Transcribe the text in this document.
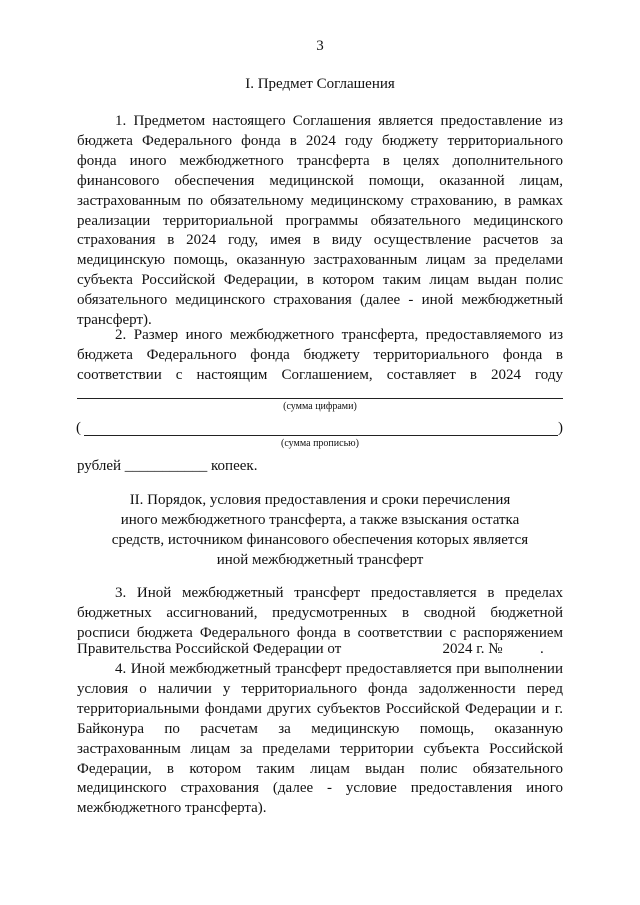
3
I. Предмет Соглашения
1. Предметом настоящего Соглашения является предоставление из бюджета Федерального фонда в 2024 году бюджету территориального фонда иного межбюджетного трансферта в целях дополнительного финансового обеспечения медицинской помощи, оказанной лицам, застрахованным по обязательному медицинскому страхованию, в рамках реализации территориальной программы обязательного медицинского страхования в 2024 году, имея в виду осуществление расчетов за медицинскую помощь, оказанную застрахованным лицам за пределами субъекта Российской Федерации, в котором таким лицам выдан полис обязательного медицинского страхования (далее - иной межбюджетный трансферт).
2. Размер иного межбюджетного трансферта, предоставляемого из бюджета Федерального фонда бюджету территориального фонда в соответствии с настоящим Соглашением, составляет в 2024 году
(сумма цифрами)
(	)
(сумма прописью)
рублей ___________ копеек.
II. Порядок, условия предоставления и сроки перечисления
иного межбюджетного трансферта, а также взыскания остатка
средств, источником финансового обеспечения которых является
иной межбюджетный трансферт
3. Иной межбюджетный трансферт предоставляется в пределах бюджетных ассигнований, предусмотренных в сводной бюджетной росписи бюджета Федерального фонда в соответствии с распоряжением
Правительства Российской Федерации от                           2024 г. №          .
4. Иной межбюджетный трансферт предоставляется при выполнении условия о наличии у территориального фонда задолженности перед территориальными фондами других субъектов Российской Федерации и г. Байконура по расчетам за медицинскую помощь, оказанную застрахованным лицам за пределами территории субъекта Российской Федерации, в котором таким лицам выдан полис обязательного медицинского страхования (далее - условие предоставления иного межбюджетного трансферта).
